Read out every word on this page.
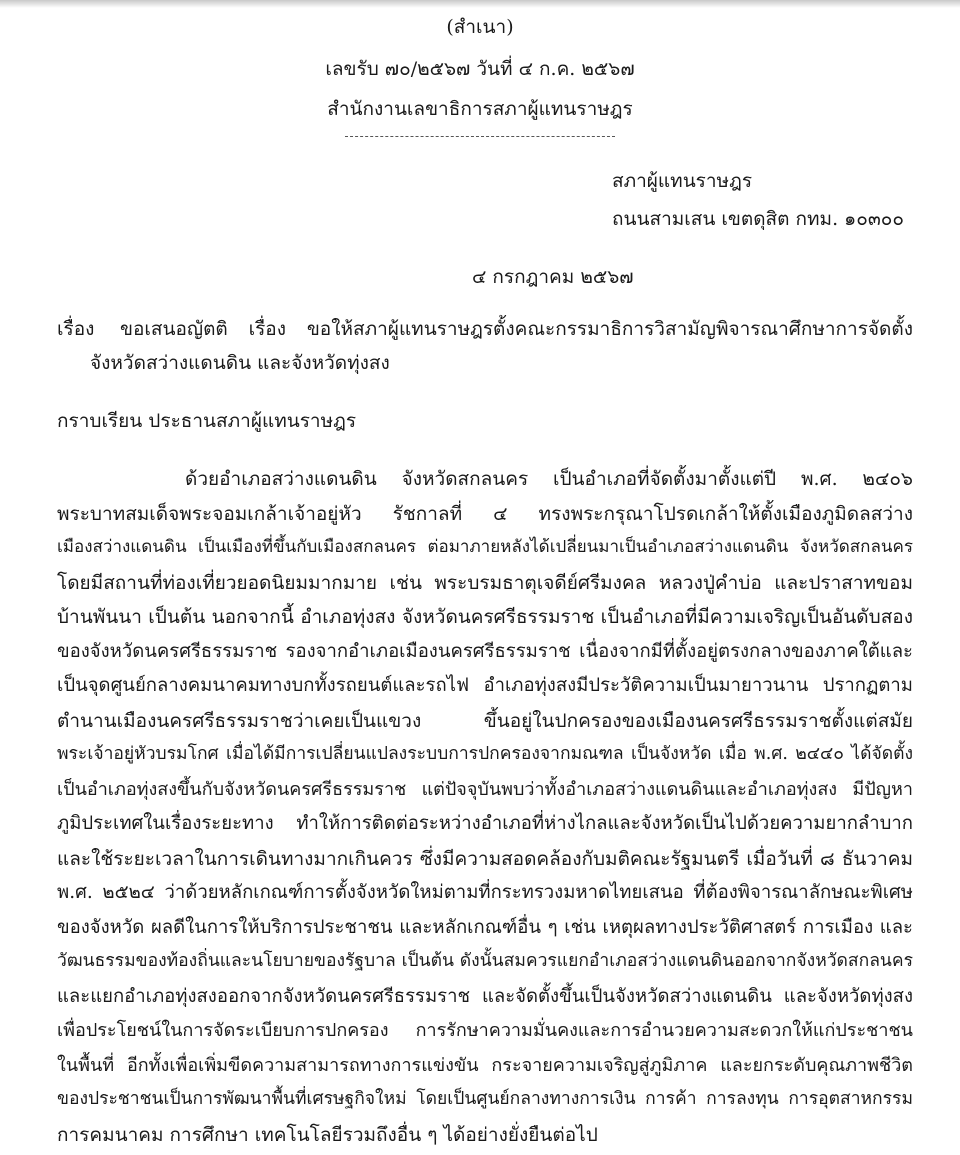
(สำเนา)
เลขรับ ๗๐/๒๕๖๗ วันที่ ๔ ก.ค. ๒๕๖๗
สำนักงานเลขาธิการสภาผู้แทนราษฎร
สภาผู้แทนราษฎร
ถนนสามเสน เขตดุสิต กทม. ๑๐๓๐๐
๔ กรกฎาคม ๒๕๖๗
เรื่อง ขอเสนอญัตติ เรื่อง ขอให้สภาผู้แทนราษฎรตั้งคณะกรรมาธิการวิสามัญพิจารณาศึกษาการจัดตั้ง
จังหวัดสว่างแดนดิน และจังหวัดทุ่งสง
กราบเรียน ประธานสภาผู้แทนราษฎร
ด้วยอำเภอสว่างแดนดิน จังหวัดสกลนคร เป็นอำเภอที่จัดตั้งมาตั้งแต่ปี พ.ศ. ๒๔๐๖
พระบาทสมเด็จพระจอมเกล้าเจ้าอยู่หัว รัชกาลที่ ๔ ทรงพระกรุณาโปรดเกล้าให้ตั้งเมืองภูมิดลสว่าง
เมืองสว่างแดนดิน เป็นเมืองที่ขึ้นกับเมืองสกลนคร ต่อมาภายหลังได้เปลี่ยนมาเป็นอำเภอสว่างแดนดิน จังหวัดสกลนคร
โดยมีสถานที่ท่องเที่ยวยอดนิยมมากมาย เช่น พระบรมธาตุเจดีย์ศรีมงคล หลวงปู่คำบ่อ และปราสาทขอม
บ้านพันนา เป็นต้น นอกจากนี้ อำเภอทุ่งสง จังหวัดนครศรีธรรมราช เป็นอำเภอที่มีความเจริญเป็นอันดับสอง
ของจังหวัดนครศรีธรรมราช รองจากอำเภอเมืองนครศรีธรรมราช เนื่องจากมีที่ตั้งอยู่ตรงกลางของภาคใต้และ
เป็นจุดศูนย์กลางคมนาคมทางบกทั้งรถยนต์และรถไฟ อำเภอทุ่งสงมีประวัติความเป็นมายาวนาน ปรากฏตาม
ตำนานเมืองนครศรีธรรมราชว่าเคยเป็นแขวง ขึ้นอยู่ในปกครองของเมืองนครศรีธรรมราชตั้งแต่สมัย
พระเจ้าอยู่หัวบรมโกศ เมื่อได้มีการเปลี่ยนแปลงระบบการปกครองจากมณฑล เป็นจังหวัด เมื่อ พ.ศ. ๒๔๔๐ ได้จัดตั้ง
เป็นอำเภอทุ่งสงขึ้นกับจังหวัดนครศรีธรรมราช แต่ปัจจุบันพบว่าทั้งอำเภอสว่างแดนดินและอำเภอทุ่งสง มีปัญหา
ภูมิประเทศในเรื่องระยะทาง ทำให้การติดต่อระหว่างอำเภอที่ห่างไกลและจังหวัดเป็นไปด้วยความยากลำบาก
และใช้ระยะเวลาในการเดินทางมากเกินควร ซึ่งมีความสอดคล้องกับมติคณะรัฐมนตรี เมื่อวันที่ ๘ ธันวาคม
พ.ศ. ๒๕๒๔ ว่าด้วยหลักเกณฑ์การตั้งจังหวัดใหม่ตามที่กระทรวงมหาดไทยเสนอ ที่ต้องพิจารณาลักษณะพิเศษ
ของจังหวัด ผลดีในการให้บริการประชาชน และหลักเกณฑ์อื่น ๆ เช่น เหตุผลทางประวัติศาสตร์ การเมือง และ
วัฒนธรรมของท้องถิ่นและนโยบายของรัฐบาล เป็นต้น ดังนั้นสมควรแยกอำเภอสว่างแดนดินออกจากจังหวัดสกลนคร
และแยกอำเภอทุ่งสงออกจากจังหวัดนครศรีธรรมราช และจัดตั้งขึ้นเป็นจังหวัดสว่างแดนดิน และจังหวัดทุ่งสง
เพื่อประโยชน์ในการจัดระเบียบการปกครอง การรักษาความมั่นคงและการอำนวยความสะดวกให้แก่ประชาชน
ในพื้นที่ อีกทั้งเพื่อเพิ่มขีดความสามารถทางการแข่งขัน กระจายความเจริญสู่ภูมิภาค และยกระดับคุณภาพชีวิต
ของประชาชนเป็นการพัฒนาพื้นที่เศรษฐกิจใหม่ โดยเป็นศูนย์กลางทางการเงิน การค้า การลงทุน การอุตสาหกรรม
การคมนาคม การศึกษา เทคโนโลยีรวมถึงอื่น ๆ ได้อย่างยั่งยืนต่อไป
